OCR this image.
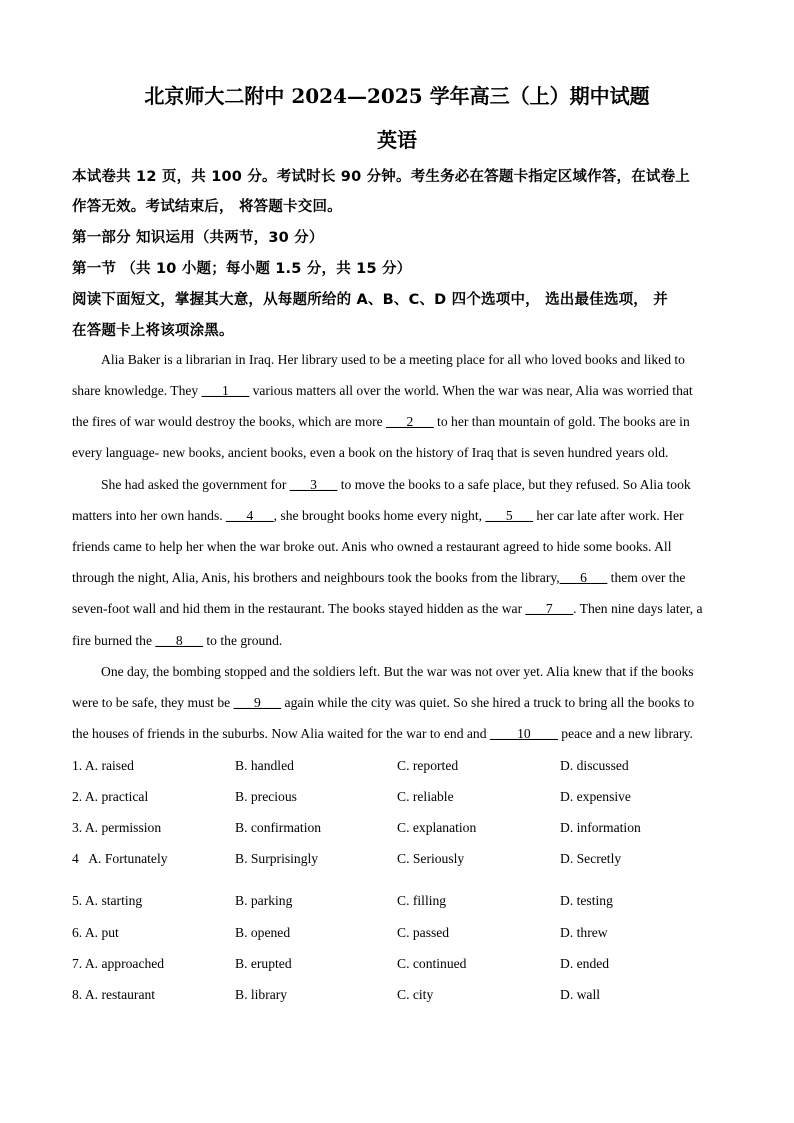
北京师大二附中 2024—2025 学年高三（上）期中试题
英语
本试卷共 12 页，共 100 分。考试时长 90 分钟。考生务必在答题卡指定区域作答，在试卷上
作答无效。考试结束后， 将答题卡交回。
第一部分 知识运用（共两节，30 分）
第一节 （共 10 小题；每小题 1.5 分，共 15 分）
阅读下面短文，掌握其大意，从每题所给的 A、B、C、D 四个选项中， 选出最佳选项， 并
在答题卡上将该项涂黑。
Alia Baker is a librarian in Iraq. Her library used to be a meeting place for all who loved books and liked to
share knowledge. They ___1___ various matters all over the world. When the war was near, Alia was worried that
the fires of war would destroy the books, which are more ___2___ to her than mountain of gold. The books are in
every language- new books, ancient books, even a book on the history of Iraq that is seven hundred years old.
She had asked the government for ___3___ to move the books to a safe place, but they refused. So Alia took
matters into her own hands. ___4___, she brought books home every night, ___5___ her car late after work. Her
friends came to help her when the war broke out. Anis who owned a restaurant agreed to hide some books. All
through the night, Alia, Anis, his brothers and neighbours took the books from the library,___6___ them over the
seven-foot wall and hid them in the restaurant. The books stayed hidden as the war ___7___. Then nine days later, a
fire burned the ___8___ to the ground.
One day, the bombing stopped and the soldiers left. But the war was not over yet. Alia knew that if the books
were to be safe, they must be ___9___ again while the city was quiet. So she hired a truck to bring all the books to
the houses of friends in the suburbs. Now Alia waited for the war to end and ____10____ peace and a new library.
1. A. raised	B. handled	C. reported	D. discussed
2. A. practical	B. precious	C. reliable	D. expensive
3. A. permission	B. confirmation	C. explanation	D. information
4   A. Fortunately	B. Surprisingly	C. Seriously	D. Secretly
5. A. starting	B. parking	C. filling	D. testing
6. A. put	B. opened	C. passed	D. threw
7. A. approached	B. erupted	C. continued	D. ended
8. A. restaurant	B. library	C. city	D. wall
